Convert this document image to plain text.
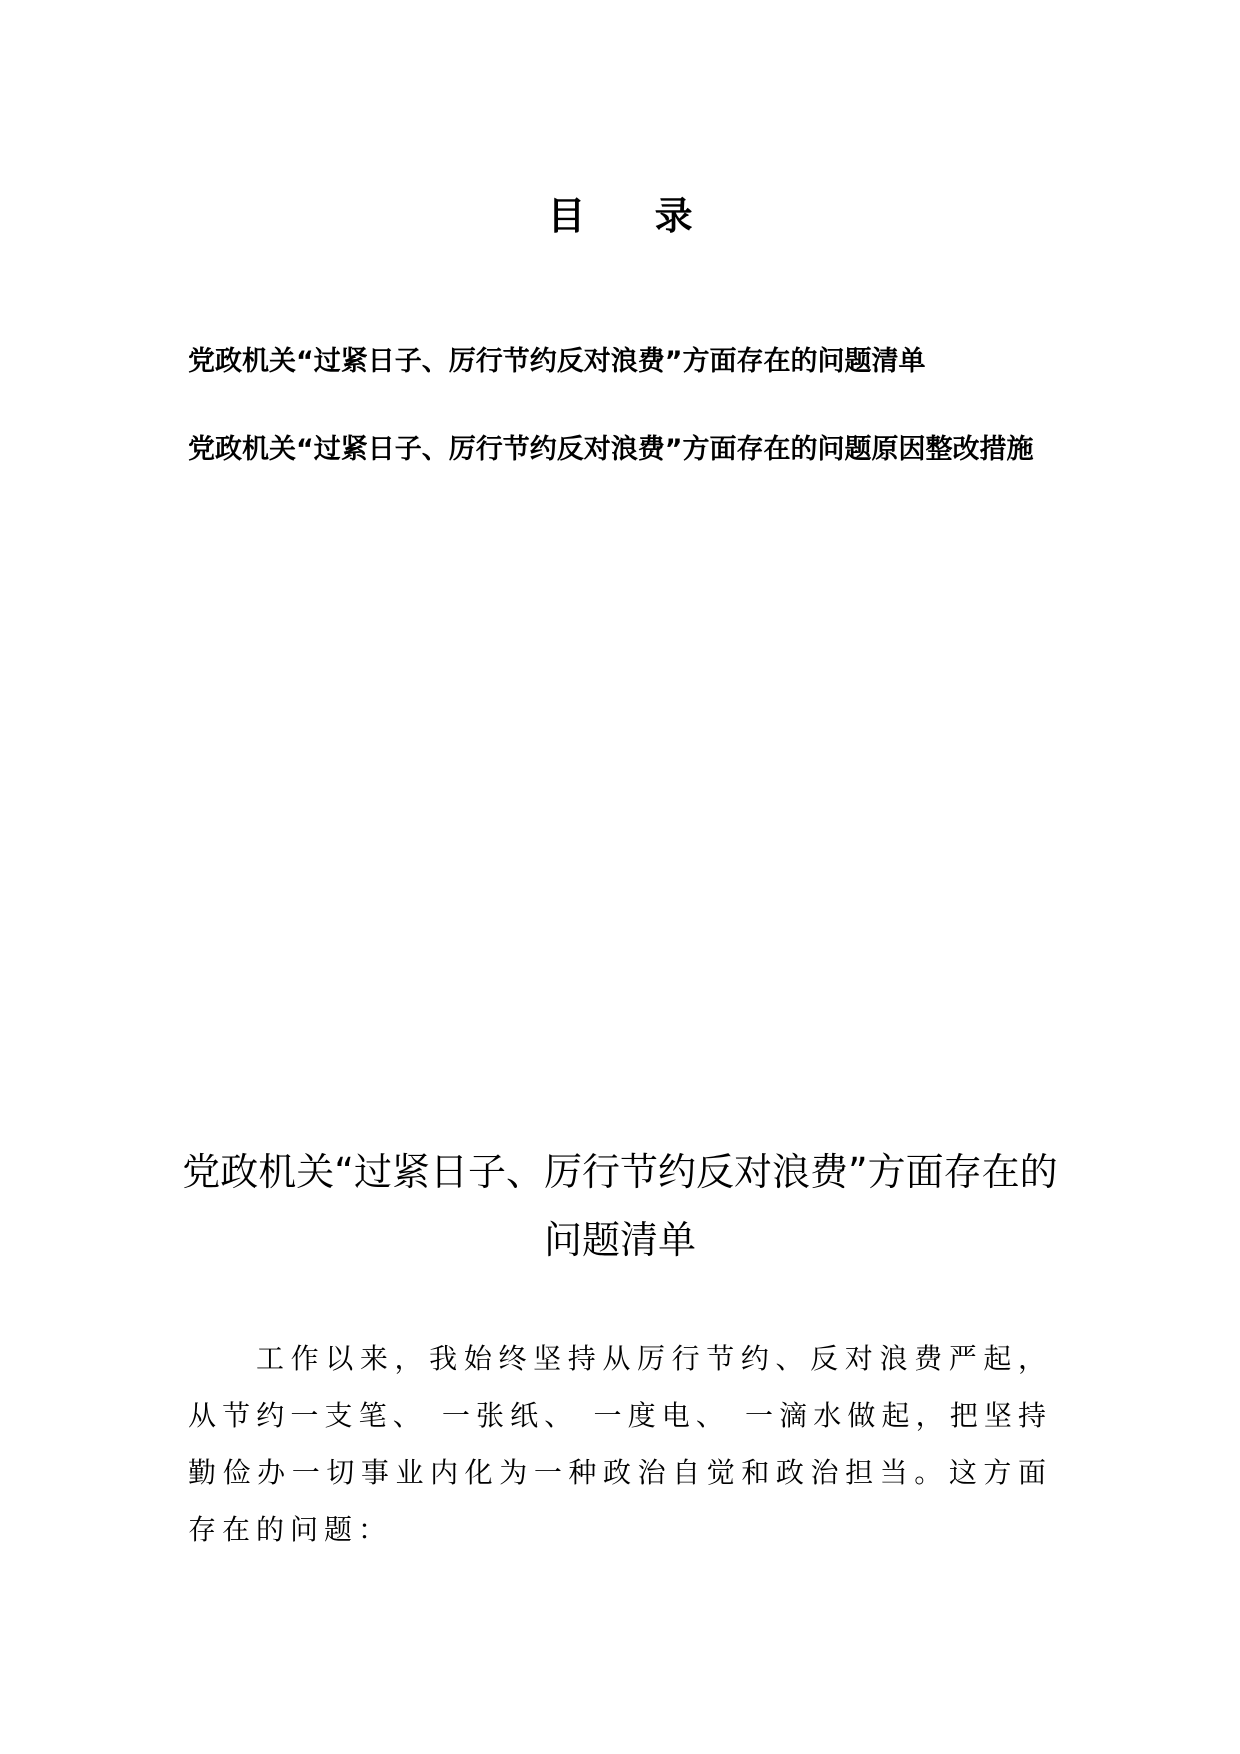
目 录
党政机关“过紧日子、厉行节约反对浪费”方面存在的问题清单
党政机关“过紧日子、厉行节约反对浪费”方面存在的问题原因整改措施
党政机关“过紧日子、厉行节约反对浪费”方面存在的问题清单

工作以来，我始终坚持从厉行节约、反对浪费严起，从节约一支笔、 一张纸、 一度电、 一滴水做起，把坚持勤俭办一切事业内化为一种政治自觉和政治担当。这方面存在的问题：
